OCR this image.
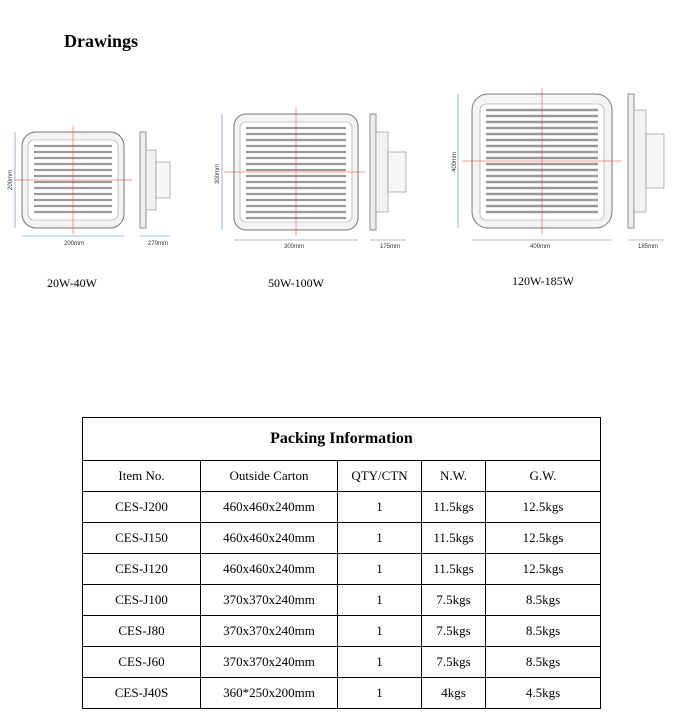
Drawings
200mm
200mm	270mm
20W-40W
300mm
300mm	175mm
50W-100W
400mm
400mm	185mm
120W-185W
Packing Information				
Item No.	Outside Carton	QTY/CTN	N.W.	G.W.
CES-J200	460x460x240mm	1	11.5kgs	12.5kgs
CES-J150	460x460x240mm	1	11.5kgs	12.5kgs
CES-J120	460x460x240mm	1	11.5kgs	12.5kgs
CES-J100	370x370x240mm	1	7.5kgs	8.5kgs
CES-J80	370x370x240mm	1	7.5kgs	8.5kgs
CES-J60	370x370x240mm	1	7.5kgs	8.5kgs
CES-J40S	360*250x200mm	1	4kgs	4.5kgs
